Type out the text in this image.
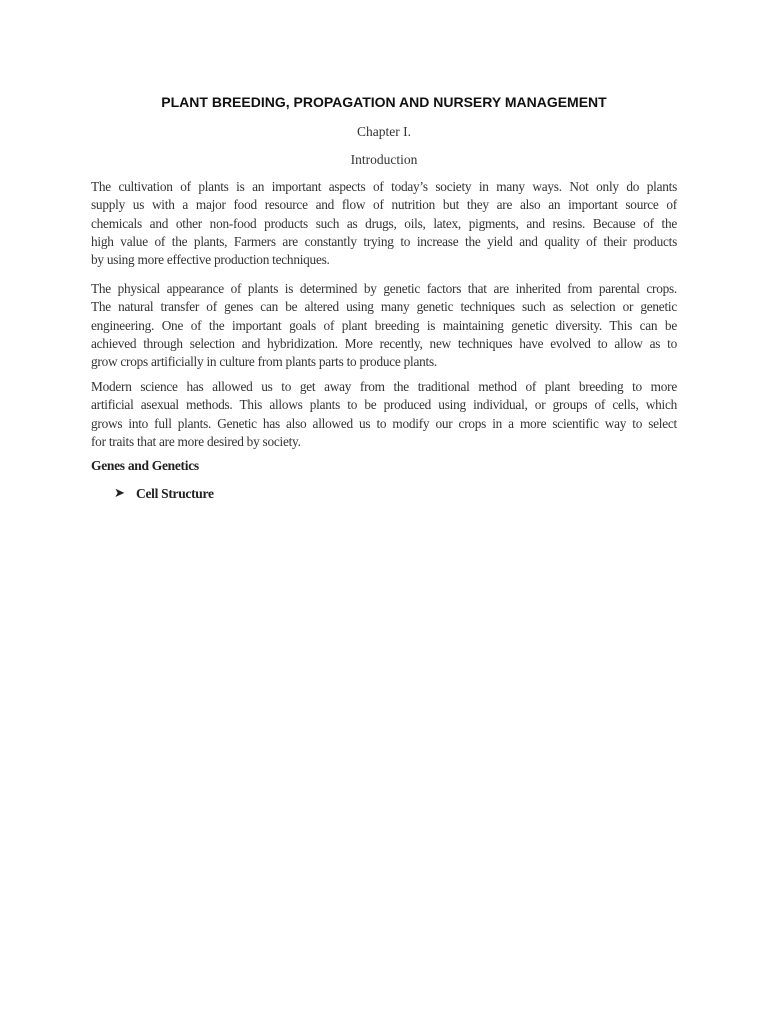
PLANT BREEDING, PROPAGATION AND NURSERY MANAGEMENT
Chapter I.
Introduction
The cultivation of plants is an important aspects of today’s society in many ways. Not only do plants
supply us with a major food resource and flow of nutrition but they are also an important source of
chemicals and other non-food products such as drugs, oils, latex, pigments, and resins. Because of the
high value of the plants, Farmers are constantly trying to increase the yield and quality of their products
by using more effective production techniques.
The physical appearance of plants is determined by genetic factors that are inherited from parental crops.
The natural transfer of genes can be altered using many genetic techniques such as selection or genetic
engineering. One of the important goals of plant breeding is maintaining genetic diversity. This can be
achieved through selection and hybridization. More recently, new techniques have evolved to allow as to
grow crops artificially in culture from plants parts to produce plants.
Modern science has allowed us to get away from the traditional method of plant breeding to more
artificial asexual methods. This allows plants to be produced using individual, or groups of cells, which
grows into full plants. Genetic has also allowed us to modify our crops in a more scientific way to select
for traits that are more desired by society.
Genes and Genetics
➤ Cell Structure
